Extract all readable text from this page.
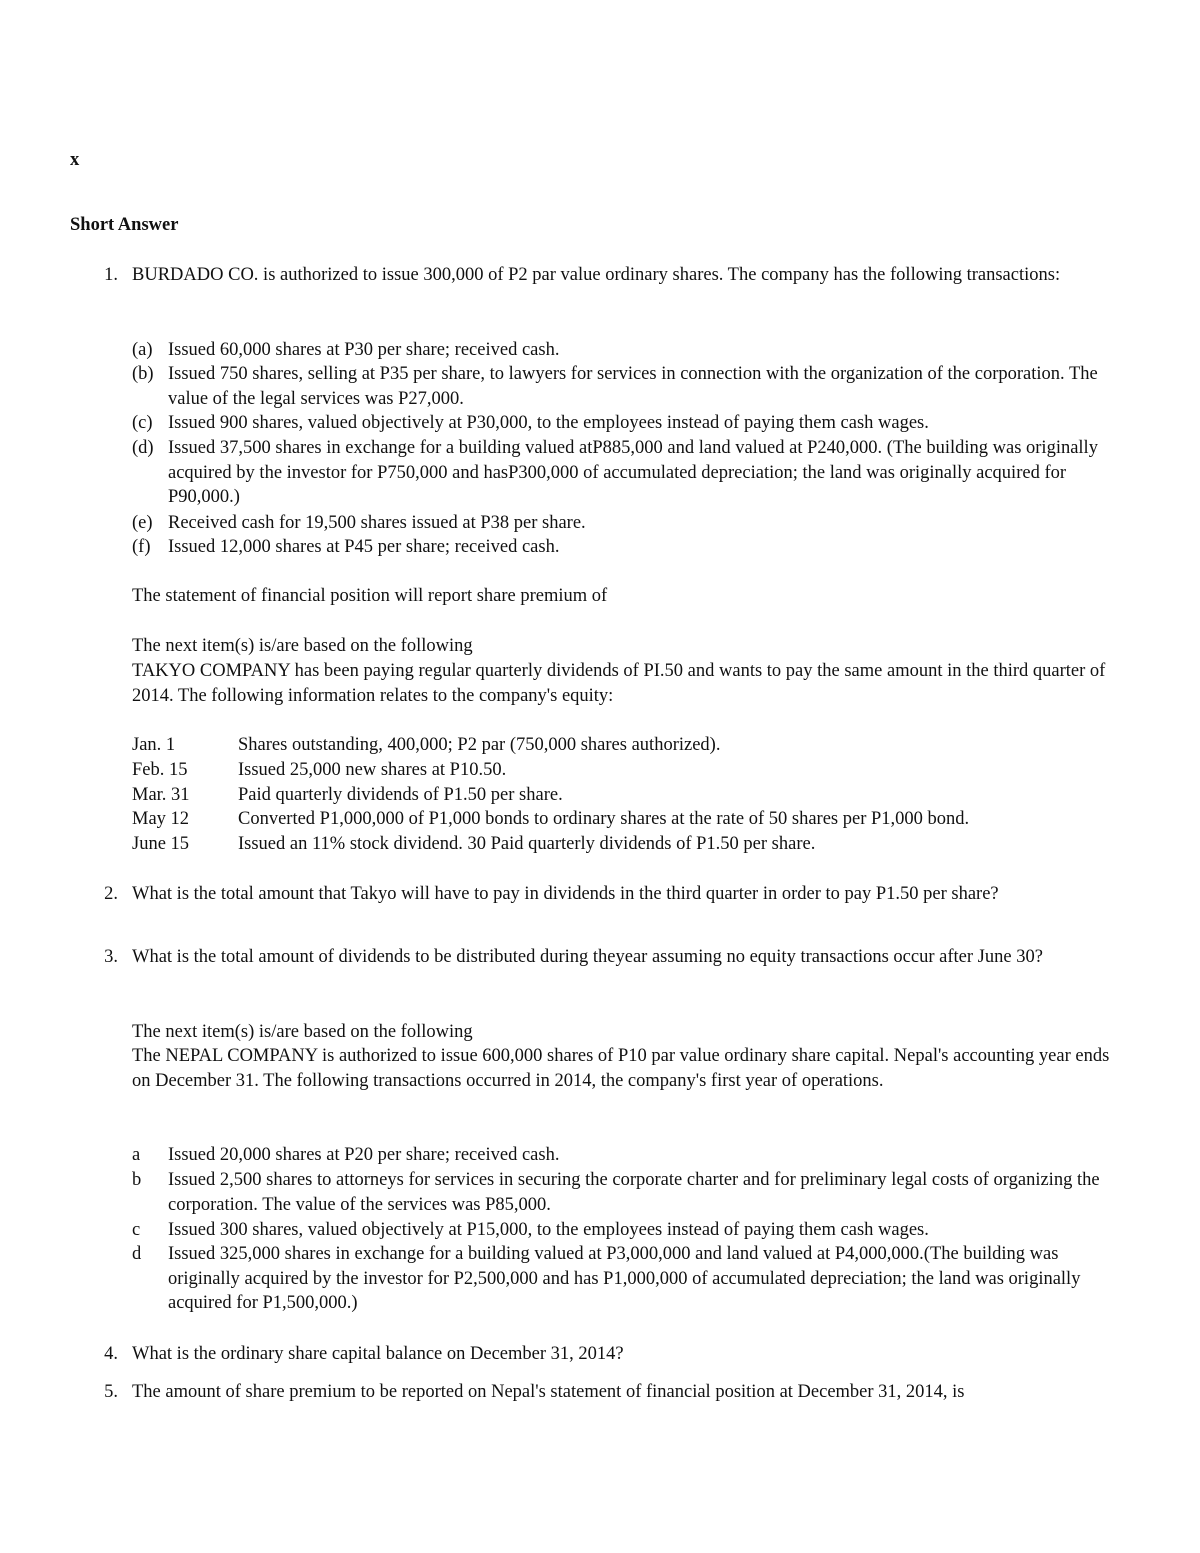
x
Short Answer
1. BURDADO CO. is authorized to issue 300,000 of P2 par value ordinary shares. The company has the following transactions:
(a) Issued 60,000 shares at P30 per share; received cash.
(b) Issued 750 shares, selling at P35 per share, to lawyers for services in connection with the organization of the corporation. The value of the legal services was P27,000.
(c) Issued 900 shares, valued objectively at P30,000, to the employees instead of paying them cash wages.
(d) Issued 37,500 shares in exchange for a building valued atP885,000 and land valued at P240,000. (The building was originally acquired by the investor for P750,000 and hasP300,000 of accumulated depreciation; the land was originally acquired for P90,000.)
(e) Received cash for 19,500 shares issued at P38 per share.
(f) Issued 12,000 shares at P45 per share; received cash.
The statement of financial position will report share premium of
The next item(s) is/are based on the following
TAKYO COMPANY has been paying regular quarterly dividends of PI.50 and wants to pay the same amount in the third quarter of 2014. The following information relates to the company's equity:
Jan. 1	Shares outstanding, 400,000; P2 par (750,000 shares authorized).
Feb. 15	Issued 25,000 new shares at P10.50.
Mar. 31	Paid quarterly dividends of P1.50 per share.
May 12	Converted P1,000,000 of P1,000 bonds to ordinary shares at the rate of 50 shares per P1,000 bond.
June 15	Issued an 11% stock dividend. 30 Paid quarterly dividends of P1.50 per share.
2. What is the total amount that Takyo will have to pay in dividends in the third quarter in order to pay P1.50 per share?
3. What is the total amount of dividends to be distributed during theyear assuming no equity transactions occur after June 30?
The next item(s) is/are based on the following
The NEPAL COMPANY is authorized to issue 600,000 shares of P10 par value ordinary share capital. Nepal's accounting year ends on December 31. The following transactions occurred in 2014, the company's first year of operations.
a Issued 20,000 shares at P20 per share; received cash.
b Issued 2,500 shares to attorneys for services in securing the corporate charter and for preliminary legal costs of organizing the corporation. The value of the services was P85,000.
c Issued 300 shares, valued objectively at P15,000, to the employees instead of paying them cash wages.
d Issued 325,000 shares in exchange for a building valued at P3,000,000 and land valued at P4,000,000.(The building was originally acquired by the investor for P2,500,000 and has P1,000,000 of accumulated depreciation; the land was originally acquired for P1,500,000.)
4. What is the ordinary share capital balance on December 31, 2014?
5. The amount of share premium to be reported on Nepal's statement of financial position at December 31, 2014, is
